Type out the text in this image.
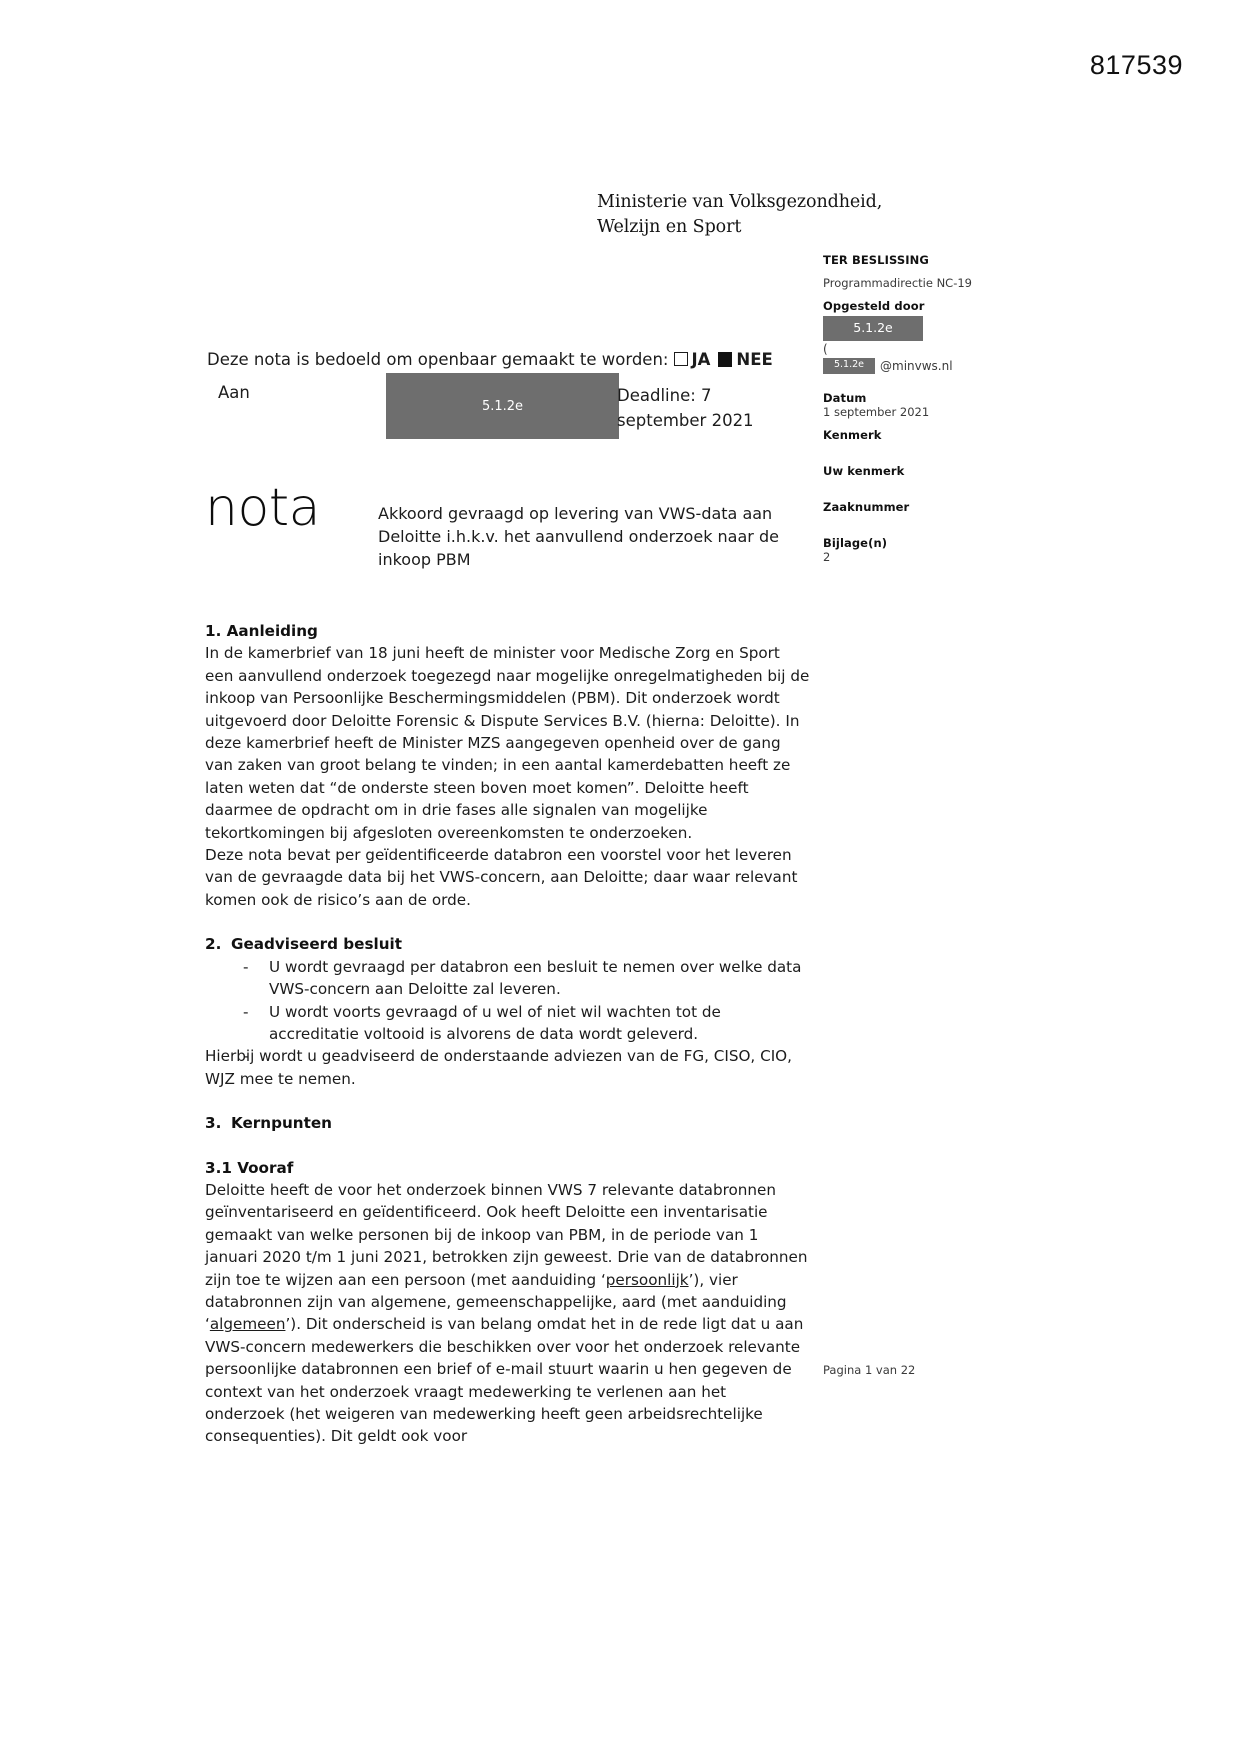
817539
Ministerie van Volksgezondheid,
Welzijn en Sport
TER BESLISSING
Programmadirectie NC-19
Opgesteld door
5.1.2e
(
5.1.2e @minvws.nl
Datum
1 september 2021
Kenmerk
Uw kenmerk
Zaaknummer
Bijlage(n)
2
Deze nota is bedoeld om openbaar gemaakt te worden: JA NEE
Aan
5.1.2e
Deadline: 7 september 2021
nota	Akkoord gevraagd op levering van VWS-data aan Deloitte i.h.k.v. het aanvullend onderzoek naar de inkoop PBM
1. Aanleiding

In de kamerbrief van 18 juni heeft de minister voor Medische Zorg en Sport een aanvullend onderzoek toegezegd naar mogelijke onregelmatigheden bij de inkoop van Persoonlijke Beschermingsmiddelen (PBM). Dit onderzoek wordt uitgevoerd door Deloitte Forensic & Dispute Services B.V. (hierna: Deloitte). In deze kamerbrief heeft de Minister MZS aangegeven openheid over de gang van zaken van groot belang te vinden; in een aantal kamerdebatten heeft ze laten weten dat “de onderste steen boven moet komen”. Deloitte heeft daarmee de opdracht om in drie fases alle signalen van mogelijke tekortkomingen bij afgesloten overeenkomsten te onderzoeken.

Deze nota bevat per geïdentificeerde databron een voorstel voor het leveren van de gevraagde data bij het VWS-concern, aan Deloitte; daar waar relevant komen ook de risico’s aan de orde.

2. Geadviseerd besluit
- U wordt gevraagd per databron een besluit te nemen over welke data VWS-concern aan Deloitte zal leveren.
- U wordt voorts gevraagd of u wel of niet wil wachten tot de accreditatie voltooid is alvorens de data wordt geleverd.

Hierbij wordt u geadviseerd de onderstaande adviezen van de FG, CISO, CIO, WJZ mee te nemen.

3. Kernpunten
3.1 Vooraf

Deloitte heeft de voor het onderzoek binnen VWS 7 relevante databronnen geïnventariseerd en geïdentificeerd. Ook heeft Deloitte een inventarisatie gemaakt van welke personen bij de inkoop van PBM, in de periode van 1 januari 2020 t/m 1 juni 2021, betrokken zijn geweest. Drie van de databronnen zijn toe te wijzen aan een persoon (met aanduiding ‘persoonlijk’), vier databronnen zijn van algemene, gemeenschappelijke, aard (met aanduiding ‘algemeen’). Dit onderscheid is van belang omdat het in de rede ligt dat u aan VWS-concern medewerkers die beschikken over voor het onderzoek relevante persoonlijke databronnen een brief of e-mail stuurt waarin u hen gegeven de context van het onderzoek vraagt medewerking te verlenen aan het onderzoek (het weigeren van medewerking heeft geen arbeidsrechtelijke consequenties). Dit geldt ook voor

Pagina 1 van 22
